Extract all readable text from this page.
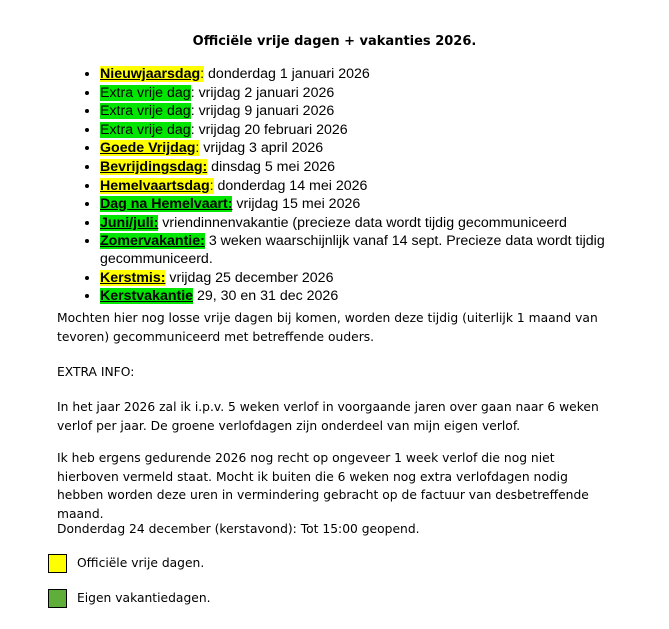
Officiële vrije dagen + vakanties 2026.
• Nieuwjaarsdag: donderdag 1 januari 2026
• Extra vrije dag: vrijdag 2 januari 2026
• Extra vrije dag: vrijdag 9 januari 2026
• Extra vrije dag: vrijdag 20 februari 2026
• Goede Vrijdag: vrijdag 3 april 2026
• Bevrijdingsdag: dinsdag 5 mei 2026
• Hemelvaartsdag: donderdag 14 mei 2026
• Dag na Hemelvaart: vrijdag 15 mei 2026
• Juni/juli: vriendinnenvakantie (precieze data wordt tijdig gecommuniceerd
• Zomervakantie: 3 weken waarschijnlijk vanaf 14 sept. Precieze data wordt tijdig gecommuniceerd.
• Kerstmis: vrijdag 25 december 2026
• Kerstvakantie 29, 30 en 31 dec 2026

Mochten hier nog losse vrije dagen bij komen, worden deze tijdig (uiterlijk 1 maand van tevoren) gecommuniceerd met betreffende ouders.

EXTRA INFO:

In het jaar 2026 zal ik i.p.v. 5 weken verlof in voorgaande jaren over gaan naar 6 weken verlof per jaar. De groene verlofdagen zijn onderdeel van mijn eigen verlof.

Ik heb ergens gedurende 2026 nog recht op ongeveer 1 week verlof die nog niet hierboven vermeld staat. Mocht ik buiten die 6 weken nog extra verlofdagen nodig hebben worden deze uren in vermindering gebracht op de factuur van desbetreffende maand.

Donderdag 24 december (kerstavond): Tot 15:00 geopend.

Officiële vrije dagen.
Eigen vakantiedagen.
